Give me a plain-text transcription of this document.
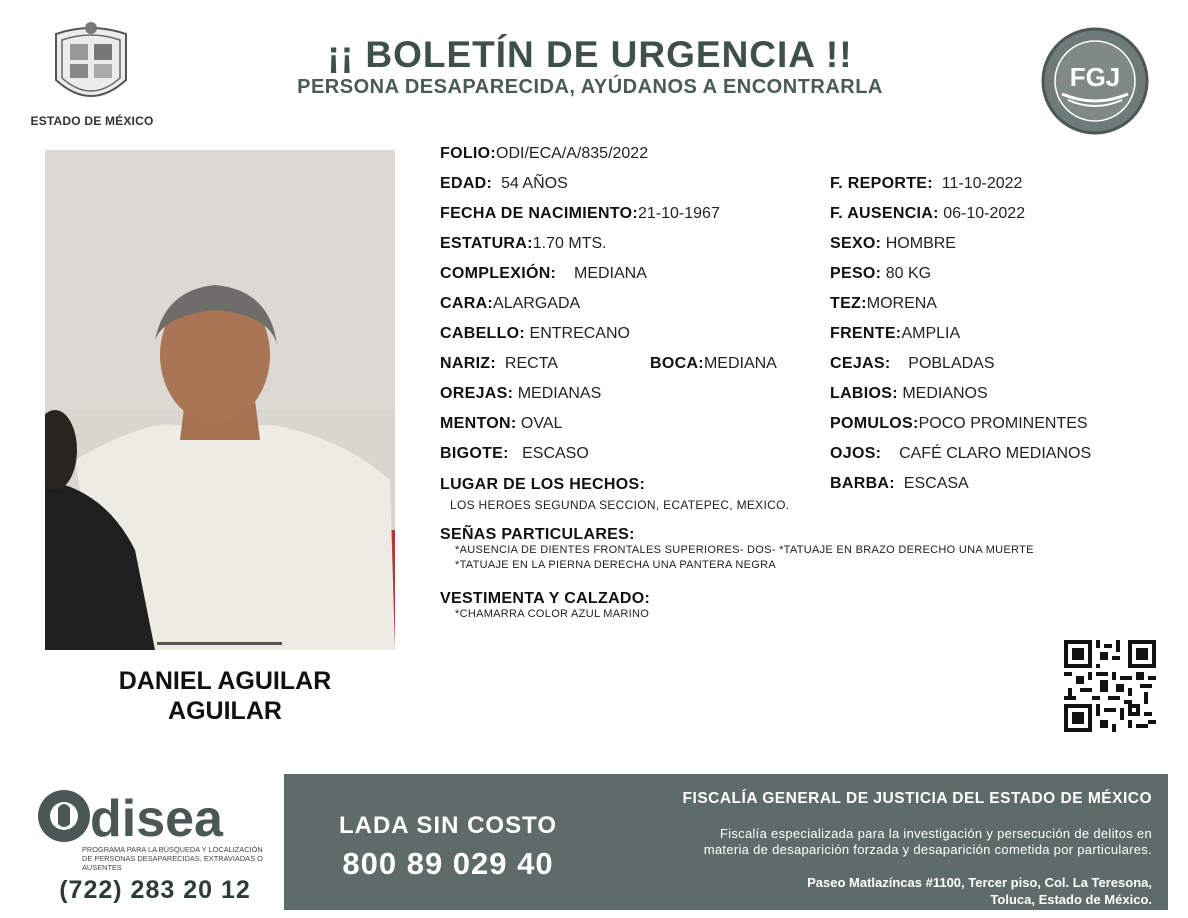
ESTADO DE MÉXICO
¡¡ BOLETÍN DE URGENCIA !!
PERSONA DESAPARECIDA, AYÚDANOS A ENCONTRARLA	FGJ
DANIEL AGUILAR
AGUILAR
FOLIO:ODI/ECA/A/835/2022
EDAD: 54 AÑOS
FECHA DE NACIMIENTO:21-10-1967
ESTATURA:1.70 MTS.
COMPLEXIÓN: MEDIANA
CARA:ALARGADA
CABELLO: ENTRECANO
NARIZ: RECTA	BOCA:MEDIANA
OREJAS: MEDIANAS
MENTON: OVAL
BIGOTE: ESCASO
F. REPORTE: 11-10-2022
F. AUSENCIA: 06-10-2022
SEXO: HOMBRE
PESO: 80 KG
TEZ:MORENA
FRENTE:AMPLIA
CEJAS: POBLADAS
LABIOS: MEDIANOS
POMULOS:POCO PROMINENTES
OJOS: CAFÉ CLARO MEDIANOS
BARBA: ESCASA
LUGAR DE LOS HECHOS:
LOS HEROES SEGUNDA SECCION, ECATEPEC, MEXICO.
SEÑAS PARTICULARES:
*AUSENCIA DE DIENTES FRONTALES SUPERIORES- DOS- *TATUAJE EN BRAZO DERECHO UNA MUERTE
*TATUAJE EN LA PIERNA DERECHA UNA PANTERA NEGRA
VESTIMENTA Y CALZADO:
*CHAMARRA COLOR AZUL MARINO
disea
PROGRAMA PARA LA BÚSQUEDA Y LOCALIZACIÓN
DE PERSONAS DESAPARECIDAS, EXTRAVIADAS O
AUSENTES
(722) 283 20 12
LADA SIN COSTO
800 89 029 40
FISCALÍA GENERAL DE JUSTICIA DEL ESTADO DE MÉXICO
Fiscalía especializada para la investigación y persecución de delitos en
materia de desaparición forzada y desaparición cometida por particulares.
Paseo Matlazíncas #1100, Tercer piso, Col. La Teresona,
Toluca, Estado de México.
